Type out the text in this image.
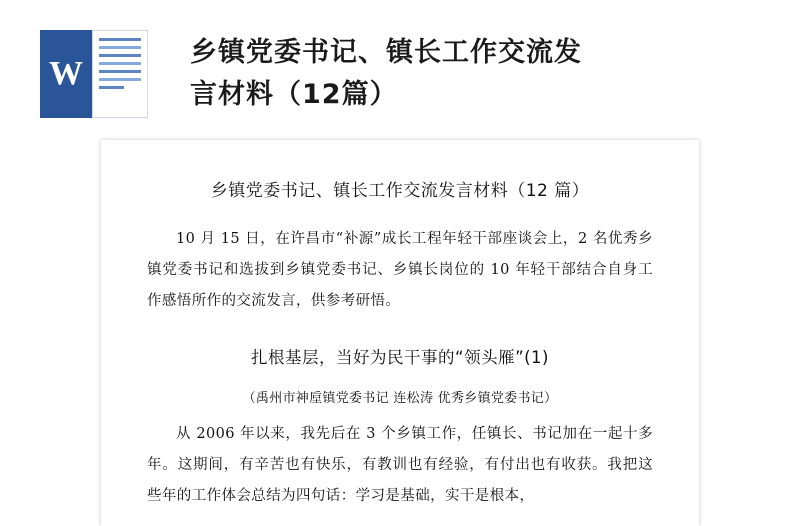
W
乡镇党委书记、镇长工作交流发
言材料（12篇）
乡镇党委书记、镇长工作交流发言材料（12 篇）

10 月 15 日，在许昌市“补源”成长工程年轻干部座谈会上，2 名优秀乡镇党委书记和选拔到乡镇党委书记、乡镇长岗位的 10 年轻干部结合自身工作感悟所作的交流发言，供参考研悟。

扎根基层，当好为民干事的“领头雁”(1)
（禹州市神垕镇党委书记 连松涛 优秀乡镇党委书记）

从 2006 年以来，我先后在 3 个乡镇工作，任镇长、书记加在一起十多年。这期间，有辛苦也有快乐，有教训也有经验，有付出也有收获。我把这些年的工作体会总结为四句话：学习是基础，实干是根本，
